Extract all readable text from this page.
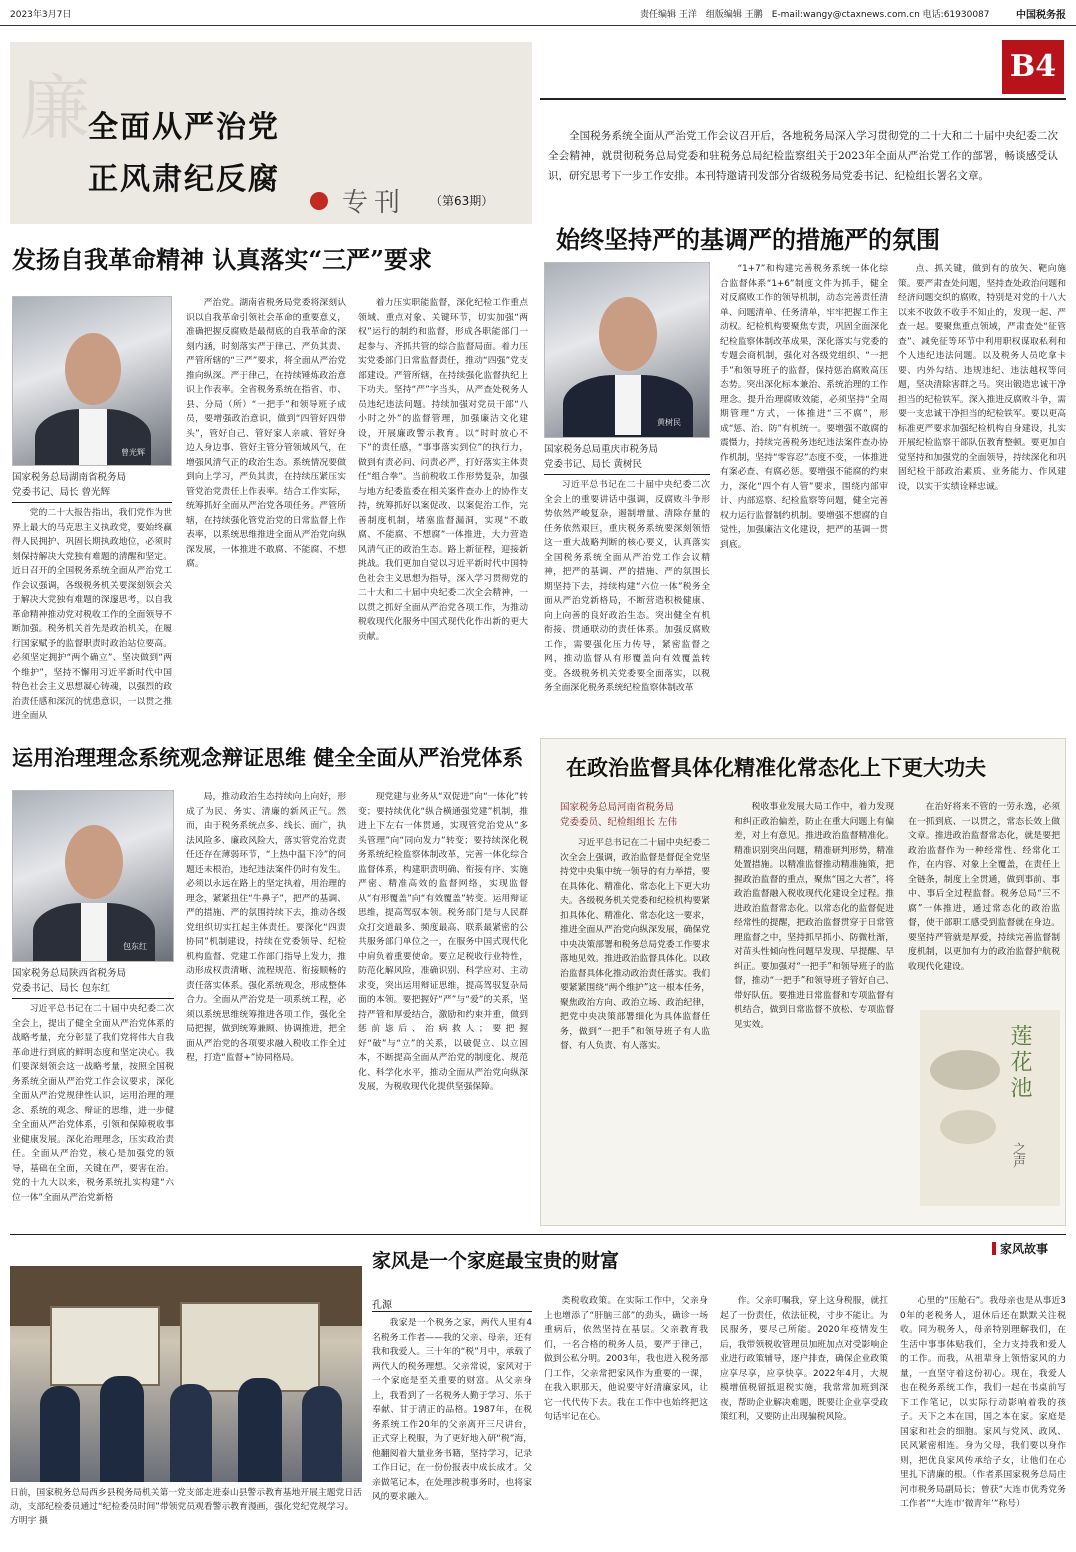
2023年3月7日	责任编辑 王洋　组版编辑 王鹏　E-mail:wangy@ctaxnews.com.cn 电话:61930087	中国税务报
B4
廉
全面从严治党
正风肃纪反腐
专刊 （第63期）
全国税务系统全面从严治党工作会议召开后，各地税务局深入学习贯彻党的二十大和二十届中央纪委二次全会精神，就贯彻税务总局党委和驻税务总局纪检监察组关于2023年全面从严治党工作的部署，畅谈感受认识，研究思考下一步工作安排。本刊特邀请刊发部分省级税务局党委书记、纪检组长署名文章。
发扬自我革命精神 认真落实“三严”要求
曾光辉
国家税务总局湖南省税务局
党委书记、局长 曾光辉

党的二十大报告指出，我们党作为世界上最大的马克思主义执政党，要始终赢得人民拥护、巩固长期执政地位，必须时刻保持解决大党独有难题的清醒和坚定。近日召开的全国税务系统全面从严治党工作会议强调，各级税务机关要深刻领会关于解决大党独有难题的深邃思考，以自我革命精神推动党对税收工作的全面领导不断加强。税务机关首先是政治机关，在履行国家赋予的监督职责时政治站位要高。必须坚定拥护“两个确立”、坚决做到“两个维护”，坚持不懈用习近平新时代中国特色社会主义思想凝心铸魂，以强烈的政治责任感和深沉的忧患意识，一以贯之推进全面从

严治党。湖南省税务局党委将深刻认识以自我革命引领社会革命的重要意义，准确把握反腐败是最彻底的自我革命的深刻内涵，时刻落实严于律己、严负其责、严管所辖的“三严”要求，将全面从严治党推向纵深。严于律己，在持续锤炼政治意识上作表率。全省税务系统在指省、市、县、分局（所）“一把手”和领导班子成员，要增强政治意识，做到“四管好四带头”，管好自己、管好家人亲戚、管好身边人身边事、管好主管分管领域风气，在增强风清气正的政治生态。系统情况要做到向上学习，严负其责，在持续压紧压实管党治党责任上作表率。结合工作实际，统筹抓好全面从严治党各项任务。严管所辖，在持续强化管党治党的日常监督上作表率，以系统思维推进全面从严治党向纵深发展，一体推进不敢腐、不能腐、不想腐。

着力压实职能监督，深化纪检工作重点领域、重点对象、关键环节，切实加强“两权”运行的制约和监督，形成各职能部门一起参与、齐抓共管的综合监督局面。着力压实党委部门日常监督责任，推动“四强”党支部建设。严管所辖，在持续强化监督执纪上下功夫。坚持“严”字当头，从严查处税务人员违纪违法问题。持续加强对党员干部“八小时之外”的监督管理，加强廉洁文化建设，开展廉政警示教育。以“时时放心不下”的责任感，“事事落实到位”的执行力，做到有责必问、问责必严，打好落实主体责任“组合拳”。当前税收工作形势复杂，加强与地方纪委监委在相关案件查办上的协作支持，统筹抓好以案促改、以案促治工作，完善制度机制，堵塞监督漏洞，实现“不敢腐、不能腐、不想腐”一体推进，大力营造风清气正的政治生态。路上新征程，迎接新挑战。我们更加自觉以习近平新时代中国特色社会主义思想为指导，深入学习贯彻党的二十大和二十届中央纪委二次全会精神，一以贯之抓好全面从严治党各项工作，为推动税收现代化服务中国式现代化作出新的更大贡献。

始终坚持严的基调严的措施严的氛围
黄树民
国家税务总局重庆市税务局
党委书记、局长 黄树民

习近平总书记在二十届中央纪委二次全会上的重要讲话中强调，反腐败斗争形势依然严峻复杂，遏制增量、清除存量的任务依然艰巨，重庆税务系统要深刻领悟这一重大战略判断的核心要义，认真落实全国税务系统全面从严治党工作会议精神，把严的基调、严的措施、严的氛围长期坚持下去，持续构建“六位一体”税务全面从严治党新格局，不断营造积极健康、向上向善的良好政治生态。突出健全有机衔接、贯通联动的责任体系。加强反腐败工作，需要强化压力传导，紧密监督之网，推动监督从有形覆盖向有效覆盖转变。各级税务机关党委要全面落实，以税务全面深化税务系统纪检监察体制改革

“1+7”和构建完善税务系统一体化综合监督体系“1+6”制度文件为抓手，健全对反腐败工作的领导机制，动态完善责任清单、问题清单、任务清单，牢牢把握工作主动权。纪检机构要聚焦专责，巩固全面深化纪检监察体制改革成果，深化落实与党委的专题会商机制，强化对各级党组织、“一把手”和领导班子的监督，保持惩治腐败高压态势。突出深化标本兼治、系统治理的工作理念。提升治理腐败效能，必须坚持“全周期管理”方式，一体推进“三不腐”，形成“惩、治、防”有机统一。要增强不敢腐的震慑力，持续完善税务违纪违法案件查办协作机制，坚持“零容忍”态度不变，一体推进有案必查、有腐必惩。要增强不能腐的约束力，深化“四个有人管”要求，围绕内部审计、内部巡察、纪检监察等问题，健全完善权力运行监督制约机制。要增强不想腐的自觉性，加强廉洁文化建设，把严的基调一贯到底。

点、抓关键，做到有的放矢、靶向施策。要严肃查处问题，坚持查处政治问题和经济问题交织的腐败，特别是对党的十八大以来不收敛不收手不知止的，发现一起、严查一起。要聚焦重点领域，严肃查处“征管查”、减免征等环节中利用职权谋取私利和个人违纪违法问题。以及税务人员吃拿卡要、内外勾结、违规违纪、违法越权等问题，坚决清除害群之马。突出锻造忠诚干净担当的纪检铁军。深入推进反腐败斗争，需要一支忠诚干净担当的纪检铁军。要以更高标准更严要求加强纪检机构自身建设，扎实开展纪检监察干部队伍教育整顿。要更加自觉坚持和加强党的全面领导，持续深化和巩固纪检干部政治素质、业务能力、作风建设，以实干实绩诠释忠诚。

运用治理理念系统观念辩证思维 健全全面从严治党体系
包东红
国家税务总局陕西省税务局
党委书记、局长 包东红

习近平总书记在二十届中央纪委二次全会上，提出了健全全面从严治党体系的战略考量，充分彰显了我们党将伟大自我革命进行到底的鲜明态度和坚定决心。我们要深刻领会这一战略考量，按照全国税务系统全面从严治党工作会议要求，深化全面从严治党规律性认识，运用治理的理念、系统的观念、辩证的思维，进一步健全全面从严治党体系，引领和保障税收事业健康发展。深化治理理念，压实政治责任。全面从严治党，核心是加强党的领导，基础在全面，关键在严，要害在治。党的十九大以来，税务系统扎实构建“六位一体”全面从严治党新格

局，推动政治生态持续向上向好，形成了为民、务实、清廉的新风正气。然而，由于税务系统点多、线长、面广，执法风险多、廉政风险大，落实管党治党责任还存在薄弱环节，“上热中温下冷”的问题还未根治，违纪违法案件仍时有发生。必须以永远在路上的坚定执着，用治理的理念，紧紧扭住“牛鼻子”，把严的基调、严的措施、严的氛围持续下去，推动各级党组织切实扛起主体责任。要深化“四责协同”机制建设，持续在党委领导、纪检机构监督、党建工作部门指导上发力，推动形成权责清晰、流程规范、衔接顺畅的责任落实体系。强化系统观念，形成整体合力。全面从严治党是一项系统工程，必须以系统思维统筹推进各项工作，强化全局把握，做到统筹兼顾、协调推进，把全面从严治党的各项要求融入税收工作全过程，打造“监督+”协同格局。

现党建与业务从“双促进”向“一体化”转变；要持续优化“纵合横通强党建”机制，推进上下左右一体贯通，实现管党治党从“多头管理”向“同向发力”转变；要持续深化税务系统纪检监察体制改革，完善一体化综合监督体系，构建职责明确、衔接有序、实施严密、精准高效的监督网络，实现监督从“有形覆盖”向“有效覆盖”转变。运用辩证思维，提高驾驭本领。税务部门是与人民群众打交道最多、频度最高、联系最紧密的公共服务部门单位之一，在服务中国式现代化中肩负着重要使命。要立足税收行业特性，防范化解风险，准确识别、科学应对、主动求变，突出运用辩证思维，提高驾驭复杂局面的本领。要把握好“严”与“爱”的关系，坚持严管和厚爱结合，激励和约束并重，做到惩前毖后、治病救人；要把握好“破”与“立”的关系，以破促立、以立固本，不断提高全面从严治党的制度化、规范化、科学化水平，推动全面从严治党向纵深发展，为税收现代化提供坚强保障。

在政治监督具体化精准化常态化上下更大功夫
国家税务总局河南省税务局
党委委员、纪检组组长 左伟

习近平总书记在二十届中央纪委二次全会上强调，政治监督是督促全党坚持党中央集中统一领导的有力举措，要在具体化、精准化、常态化上下更大功夫。各级税务机关党委和纪检机构要紧扣具体化、精准化、常态化这一要求，推进全面从严治党向纵深发展，确保党中央决策部署和税务总局党委工作要求落地见效。推进政治监督具体化。以政治监督具体化推动政治责任落实。我们要紧紧围绕“两个维护”这一根本任务，聚焦政治方向、政治立场、政治纪律，把党中央决策部署细化为具体监督任务，做到“一把手”和领导班子有人监督、有人负责、有人落实。

税收事业发展大局工作中，着力发现和纠正政治偏差，防止在重大问题上有偏差，对上有意见。推进政治监督精准化。精准识别突出问题，精准研判形势，精准处置措施。以精准监督推动精准施策，把握政治监督的重点，聚焦“国之大者”，将政治监督融入税收现代化建设全过程。推进政治监督常态化。以常态化的监督促进经常性的提醒，把政治监督贯穿于日常管理监督之中，坚持抓早抓小、防微杜渐，对苗头性倾向性问题早发现、早提醒、早纠正。要加强对“一把手”和领导班子的监督，推动“一把手”和领导班子管好自己、带好队伍。要推进日常监督和专项监督有机结合，做到日常监督不放松、专项监督见实效。

在治好将来不管的一劳永逸，必须在一抓到底、一以贯之，常态长效上做文章。推进政治监督常态化，就是要把政治监督作为一种经常性、经常化工作，在内容、对象上全覆盖，在责任上全链条，制度上全贯通，做到事前、事中、事后全过程监督。税务总局“三不腐”一体推进，通过常态化的政治监督，使干部职工感受到监督就在身边。要坚持严管就是厚爱，持续完善监督制度机制，以更加有力的政治监督护航税收现代化建设。

莲花池
之声
家风故事
日前，国家税务总局西乡县税务局机关第一党支部走进泰山县警示教育基地开展主题党日活动，支部纪检委员通过“纪检委员时间”带领党员观看警示教育漫画，强化党纪党规学习。 方明宇 摄
家风是一个家庭最宝贵的财富
孔源

我家是一个税务之家，两代人里有4名税务工作者——我的父亲、母亲，还有我和我爱人。三十年的“税”月中，承载了两代人的税务理想。父亲常说，家风对于一个家庭是至关重要的财富。从父亲身上，我看到了一名税务人勤于学习、乐于奉献、甘于清正的品格。1987年，在税务系统工作20年的父亲离开三尺讲台，正式穿上税服，为了更好地入研“税”海，他翻阅着大量业务书籍，坚持学习，记录工作日记，在一份份报表中成长成才。父亲做笔记本，在处理涉税事务时，也将家风的要求融入。

类税收政策。在实际工作中，父亲身上也增添了“肝脑三部”的劲头，确诊一场重病后，依然坚持在基层。父亲教育我们，一名合格的税务人员，要严于律己，做到公私分明。2003年，我也进入税务部门工作，父亲常把家风作为重要的一课，在我入职那天，他说要守好清廉家风，让它一代代传下去。我在工作中也始终把这句话牢记在心。

作。父亲叮嘱我，穿上这身税服，就扛起了一份责任，依法征税，寸步不能让。为民服务，要尽己所能。2020年疫情发生后，我带领税收管理员加班加点对受影响企业进行政策辅导，逐户排查，确保企业政策应享尽享，应享快享。2022年4月，大规模增值税留抵退税实施，我常常加班到深夜，帮助企业解决难题，既要让企业享受政策红利，又要防止出现骗税风险。

心里的“压舱石”。我母亲也是从事近30年的老税务人，退休后还在默默关注税收。同为税务人，母亲特别理解我们，在生活中事事体贴我们，全力支持我和爱人的工作。而我，从祖辈身上领悟家风的力量，一直坚守着这份初心。现在，我爱人也在税务系统工作，我们一起在书桌前写下工作笔记，以实际行动影响着我的孩子。天下之本在国，国之本在家。家庭是国家和社会的细胞。家风与党风、政风、民风紧密相连。身为父母，我们要以身作则，把优良家风传承给子女，让他们在心里扎下清廉的根。（作者系国家税务总局庄河市税务局副局长；曾获“大连市优秀党务工作者”“大连市‘微青年’”称号）
